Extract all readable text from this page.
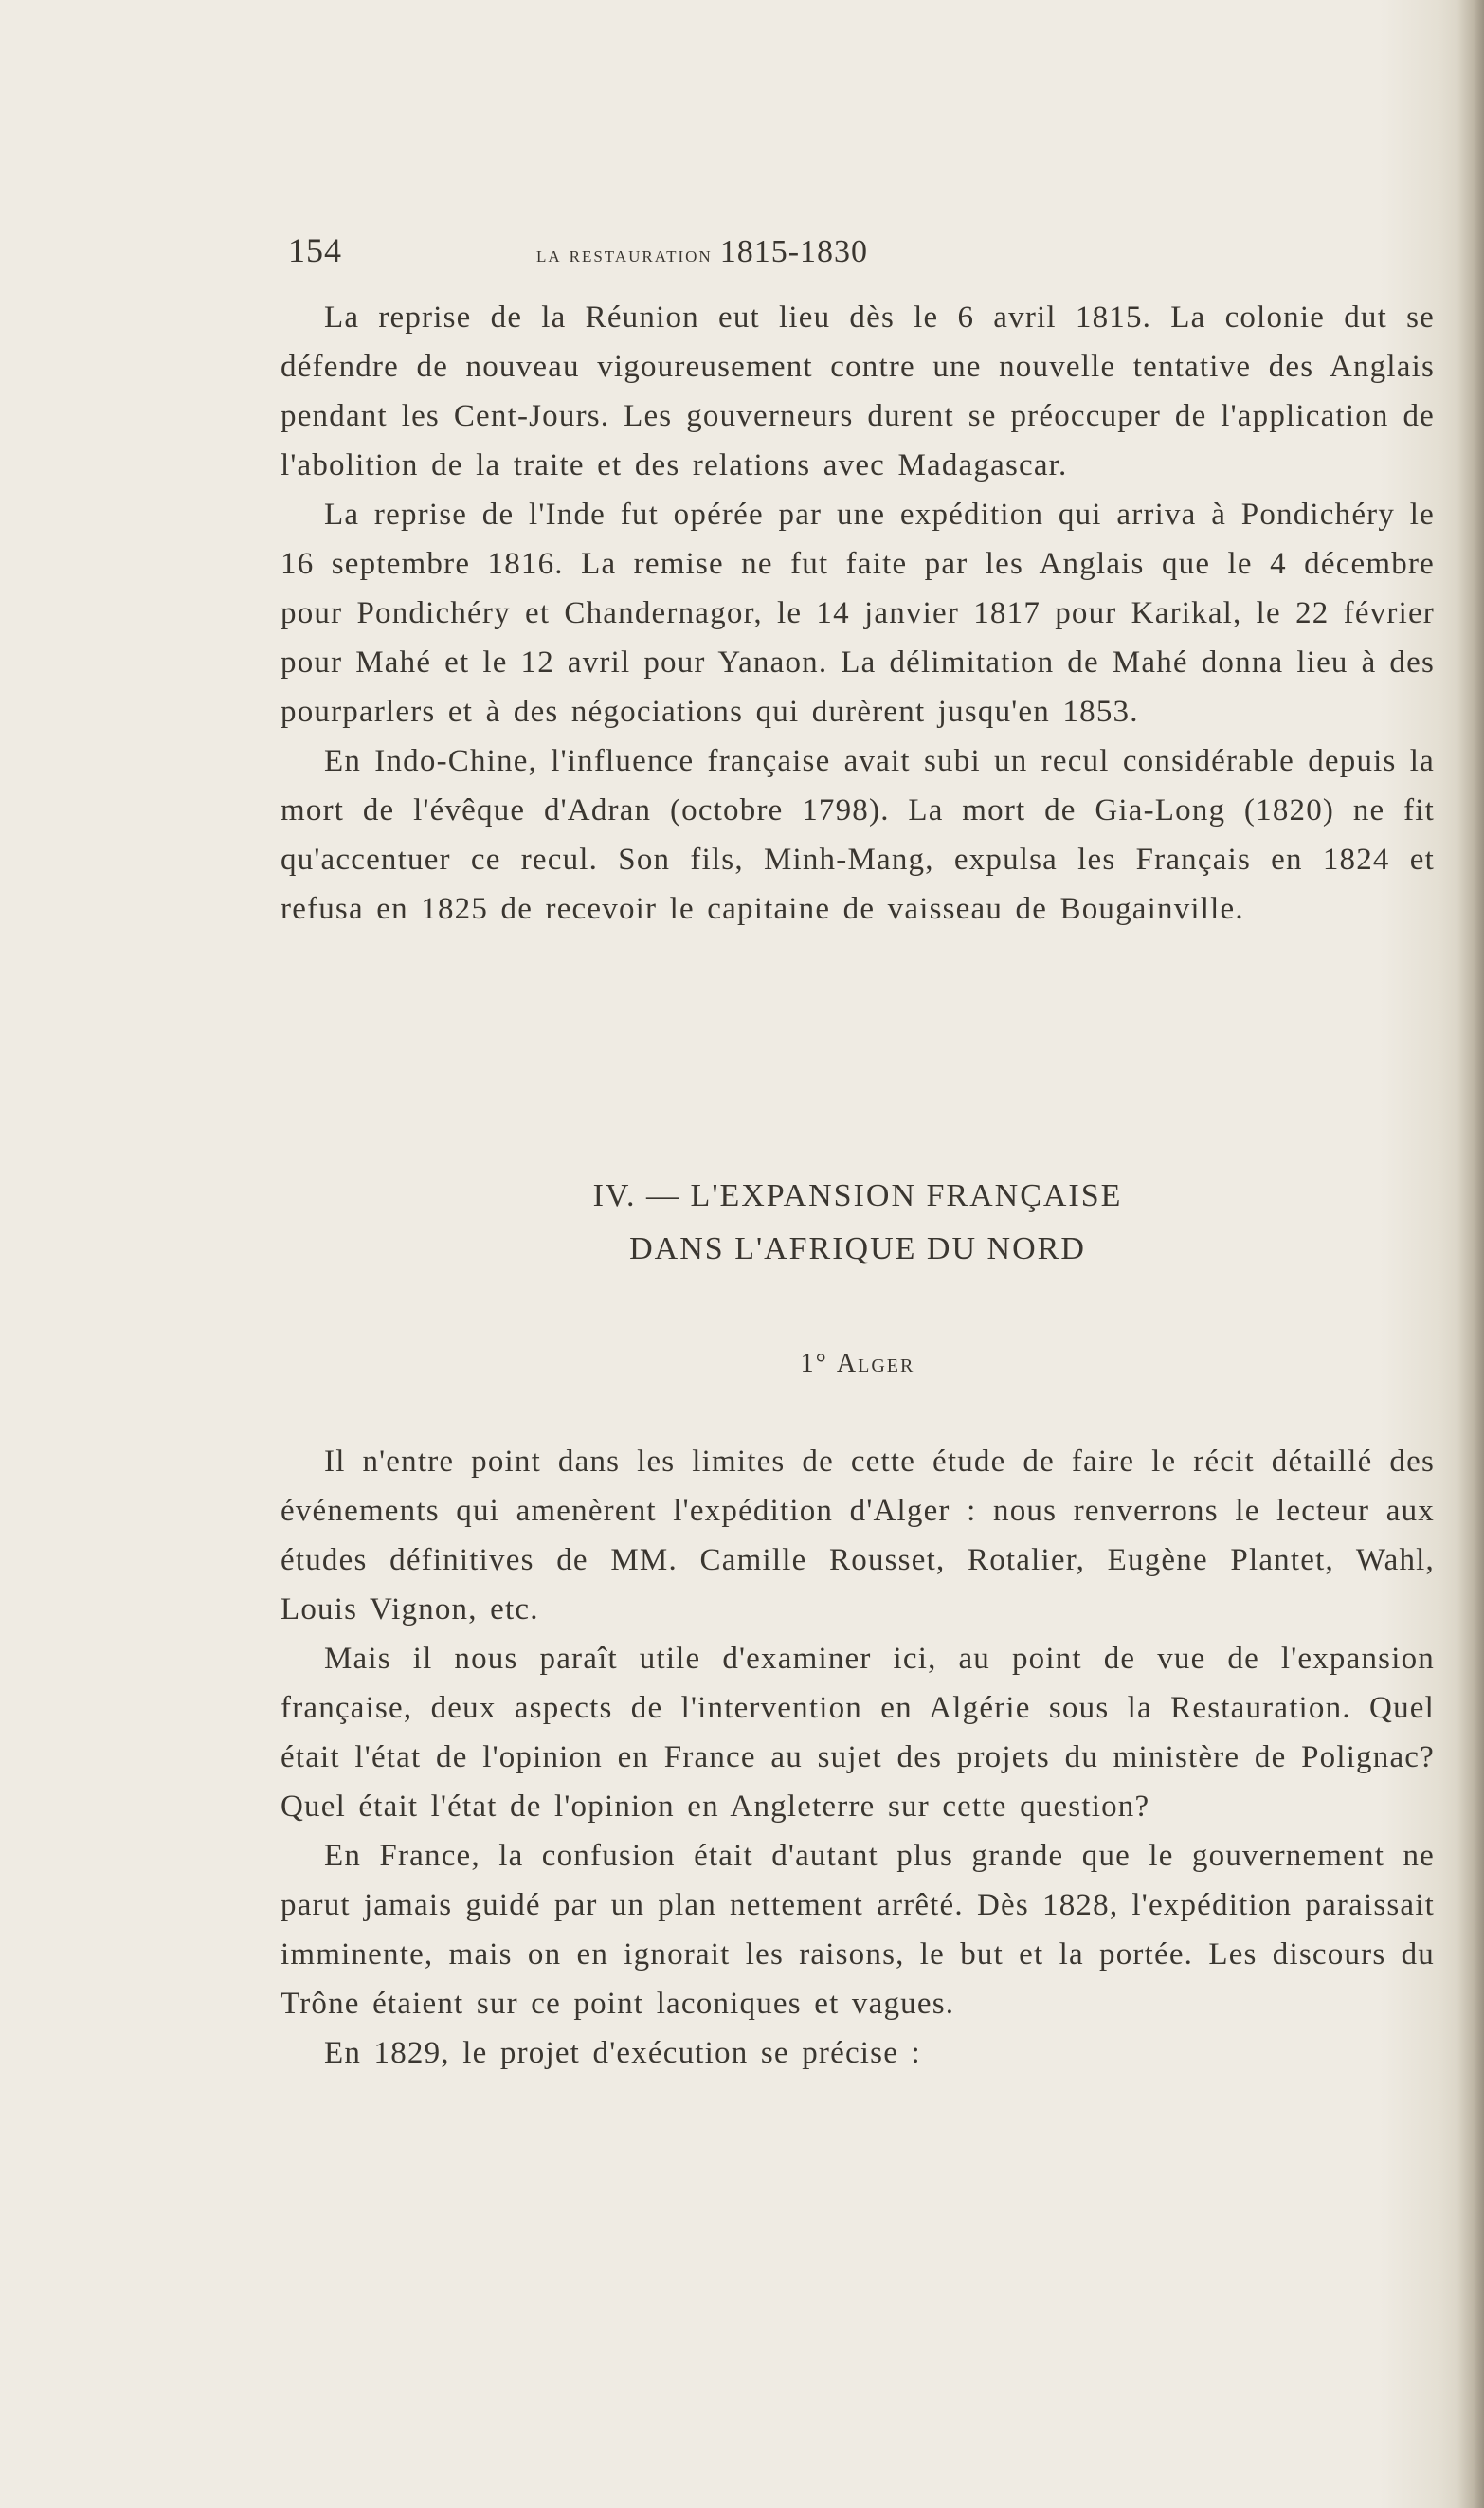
154	la restauration 1815-1830

La reprise de la Réunion eut lieu dès le 6 avril 1815. La colonie dut se défendre de nouveau vigoureusement contre une nouvelle tentative des Anglais pendant les Cent-Jours. Les gouverneurs durent se préoccuper de l'application de l'abolition de la traite et des relations avec Madagascar.

La reprise de l'Inde fut opérée par une expédition qui arriva à Pondichéry le 16 septembre 1816. La remise ne fut faite par les Anglais que le 4 décembre pour Pondichéry et Chandernagor, le 14 janvier 1817 pour Karikal, le 22 février pour Mahé et le 12 avril pour Yanaon. La délimitation de Mahé donna lieu à des pourparlers et à des négociations qui durèrent jusqu'en 1853.

En Indo-Chine, l'influence française avait subi un recul considérable depuis la mort de l'évêque d'Adran (octobre 1798). La mort de Gia-Long (1820) ne fit qu'accentuer ce recul. Son fils, Minh-Mang, expulsa les Français en 1824 et refusa en 1825 de recevoir le capitaine de vaisseau de Bougainville.

IV. — L'EXPANSION FRANÇAISE
DANS L'AFRIQUE DU NORD
1° Alger

Il n'entre point dans les limites de cette étude de faire le récit détaillé des événements qui amenèrent l'expédition d'Alger : nous renverrons le lecteur aux études définitives de MM. Camille Rousset, Rotalier, Eugène Plantet, Wahl, Louis Vignon, etc.

Mais il nous paraît utile d'examiner ici, au point de vue de l'expansion française, deux aspects de l'intervention en Algérie sous la Restauration. Quel était l'état de l'opinion en France au sujet des projets du ministère de Polignac? Quel était l'état de l'opinion en Angleterre sur cette question?

En France, la confusion était d'autant plus grande que le gouvernement ne parut jamais guidé par un plan nettement arrêté. Dès 1828, l'expédition paraissait imminente, mais on en ignorait les raisons, le but et la portée. Les discours du Trône étaient sur ce point laconiques et vagues.

En 1829, le projet d'exécution se précise :
